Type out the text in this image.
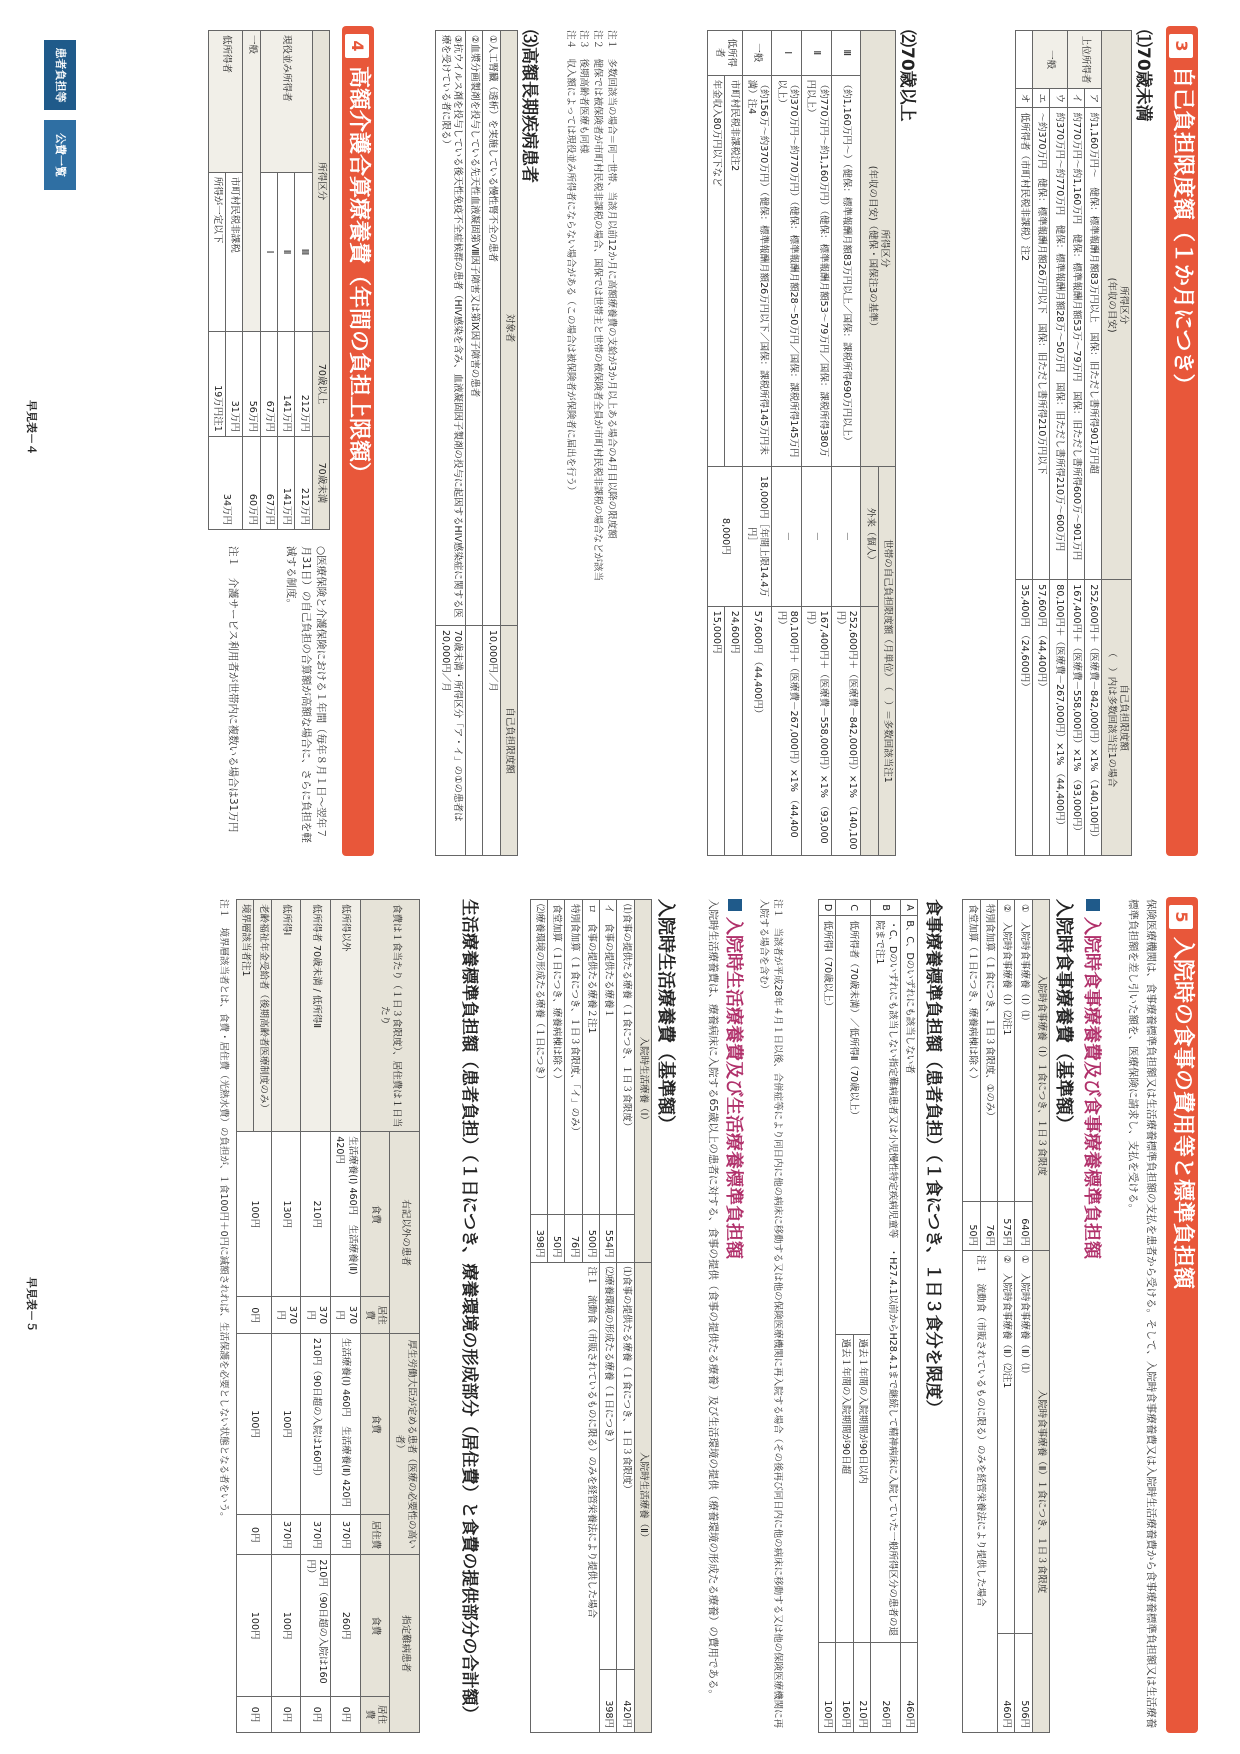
患者負担等
公費一覧
3自己負担限度額（１か月につき）
⑴70歳未満
所得区分
(年収の目安)			自己負担限度額
（　）内は多数回該当注1の場合
上位所得者	ア	約1,160万円～　健保：標準報酬月額83万円以上　国保：旧ただし書所得901万円超	252,600円＋（医療費－842,000円）×1% （140,100円）
	イ	約770万円～約1,160万円　健保：標準報酬月額53万～79万円　国保：旧ただし書所得600万～901万円	167,400円＋（医療費－558,000円）×1% （93,000円）
一般	ウ	約370万円～約770万円　健保：標準報酬月額28万～50万円　国保：旧ただし書所得210万～600万円	80,100円＋（医療費－267,000円）×1% （44,400円）
	エ	～約370万円　健保：標準報酬月額26万円以下　国保：旧ただし書所得210万円以下	57,600円 （44,400円）
	オ	低所得者（市町村民税非課税）注2	35,400円 （24,600円）
⑵70歳以上
所得区分
(年収の目安)（健保・国保注3の基準）		世帯の自己負担限度額（月単位）　（　）＝多数回該当注1	
		外来（個人）	
Ⅲ	（約1,160万円～）（健保：標準報酬月額83万円以上／国保：課税所得690万円以上）	－	252,600円＋（医療費－842,000円）×1% （140,100円）
Ⅱ	（約770万円～約1,160万円）（健保：標準報酬月額53～79万円／国保：課税所得380万円以上）	－	167,400円＋（医療費－558,000円）×1% （93,000円）
Ⅰ	（約370万円～約770万円）（健保：標準報酬月額28～50万円／国保：課税所得145万円以上）	－	80,100円＋（医療費－267,000円）×1% （44,400円）
一般	（約156万～約370万円）（健保：標準報酬月額26万円以下／国保：課税所得145万円未満）注4	18,000円［年間上限14.4万円］	57,600円 （44,400円）
低所得者	市町村民税非課税注2	8,000円	24,600円
	年金収入80万円以下など		15,000円
注１　多数回該当の場合＝同一世帯、当該月以前12か月に高額療養費の支給が3か月以上ある場合の4月目以降の限度額
注２　健保では被保険者が市町村民税非課税の場合、国保では世帯主と世帯の被保険者全員が市町村民税非課税の場合などが該当
注３　後期高齢者医療も同様
注４　収入額によっては現役並み所得者にならない場合がある（この場合は被保険者が保険者に届出を行う）
⑶高額長期疾病患者
対象者	自己負担限度額
①人工腎臓（透析）を実施している慢性腎不全の患者	10,000円／月
②血漿分画製剤を投与している先天性血液凝固第Ⅷ因子障害又は第Ⅸ因子障害の患者	
③抗ウイルス剤を投与している後天性免疫不全症候群の患者（HIV感染を含み、血液凝固因子製剤の投与に起因するHIV感染症に関する医療を受けている者に限る）	70歳未満・所得区分「ア・イ」の①の患者は20,000円／月
4高額介護合算療養費（年間の負担上限額）
所得区分		70歳以上	70歳未満
現役並み所得者	Ⅲ	212万円	212万円
	Ⅱ	141万円	141万円
	Ⅰ	67万円	67万円
一般		56万円	60万円
低所得者	市町村民税非課税	31万円	34万円
	所得が一定以下	19万円注1	
○医療保険と介護保険における１年間（毎年８月１日～翌年７月31日）の自己負担の合算額が高額な場合に、さらに負担を軽減する制度。
注１　介護サービス利用者が世帯内に複数いる場合は31万円
早見表－４
5入院時の食事の費用等と標準負担額
保険医療機関は、食事療養標準負担額又は生活療養標準負担額の支払を患者から受ける。そして、入院時食事療養費又は入院時生活療養費から食事療養標準負担額又は生活療養標準負担額を差し引いた額を、医療保険に請求し、支払を受ける。
入院時食事療養費及び食事療養標準負担額
入院時食事療養費（基準額）
入院時食事療養（Ⅰ）１食につき、１日３食限度		入院時食事療養（Ⅱ）１食につき、１日３食限度	
①　入院時食事療養（Ⅰ）⑴	640円	①　入院時食事療養（Ⅱ）⑴	506円
②　入院時食事療養（Ⅰ）⑵注1	575円	②　入院時食事療養（Ⅱ）⑵注1	460円
特別食加算（１食につき、１日３食限度、①のみ）	76円	注１　流動食（市販されているものに限る）のみを経管栄養法により提供した場合	
食堂加算（１日につき、療養病棟は除く）	50円		
食事療養標準負担額（患者負担）（１食につき、１日３食分を限度）
A	B、C、Dのいずれにも該当しない者		460円
B	・C、Dのいずれにも該当しない指定難病患者又は小児慢性特定疾病児童等　・H27.4.1以前からH28.4.1まで継続して精神病床に入院していた一般所得区分の患者の退院まで注1		260円
C	低所得者（70歳未満）／低所得Ⅱ（70歳以上）	過去１年間の入院期間が90日以内	210円
		過去１年間の入院期間が90日超	160円
D	低所得Ⅰ（70歳以上）		100円
注１　当該者が平成28年４月１日以後、合併症等により同日内に他の病床に移動する又は他の保険医療機関に再入院する場合（その後再び同日内に他の病床に移動する又は他の保険医療機関に再入院する場合を含む）
入院時生活療養費及び生活療養標準負担額
入院時生活療養費は、療養病床に入院する65歳以上の患者に対する、食事の提供（食事の提供たる療養）及び生活環境の提供（療養環境の形成たる療養）の費用である。
入院時生活療養費（基準額）
入院時生活療養（Ⅰ）		入院時生活療養（Ⅱ）	
⑴食事の提供たる療養（１食につき、１日３食限度）		⑴食事の提供たる療養（１食につき、１日３食限度）	420円
イ　食事の提供たる療養１	554円	⑵療養環境の形成たる療養（１日につき）	398円
ロ　食事の提供たる療養２注1	500円	注１　流動食（市販されているものに限る）のみを経管栄養法により提供した場合	
特別食加算（１食につき、１日３食限度、「イ」のみ）	76円		
食堂加算（１日につき、療養病棟は除く）	50円		
⑵療養環境の形成たる療養（１日につき）	398円		
生活療養標準負担額（患者負担）（１日につき、療養環境の形成部分（居住費）と食費の提供部分の合計額）
食費は１食当たり（１日３食限度）、居住費は１日当たり	右記以外の患者		厚生労働大臣が定める患者（医療の必要性の高い者）		指定難病患者	
	食費	居住費	食費	居住費	食費	居住費
低所得以外	生活療養(Ⅰ) 460円　生活療養(Ⅱ) 420円	370円	生活療養(Ⅰ) 460円　生活療養(Ⅱ) 420円	370円	260円	0円
低所得者 70歳未満 / 低所得Ⅱ	210円	370円	210円（90日超の入院は160円）	370円	210円（90日超の入院は160円）	0円
低所得Ⅰ	130円	370円	100円	370円	100円	0円
老齢福祉年金受給者（後期高齢者医療制度のみ）	100円	0円	100円	0円	100円	0円
境界層該当者注1						
注１　境界層該当者とは、食費・居住費（光熱水費）の負担が、１食100円＋0円に減額されれば、生活保護を必要としない状態となる者をいう。
早見表－５
